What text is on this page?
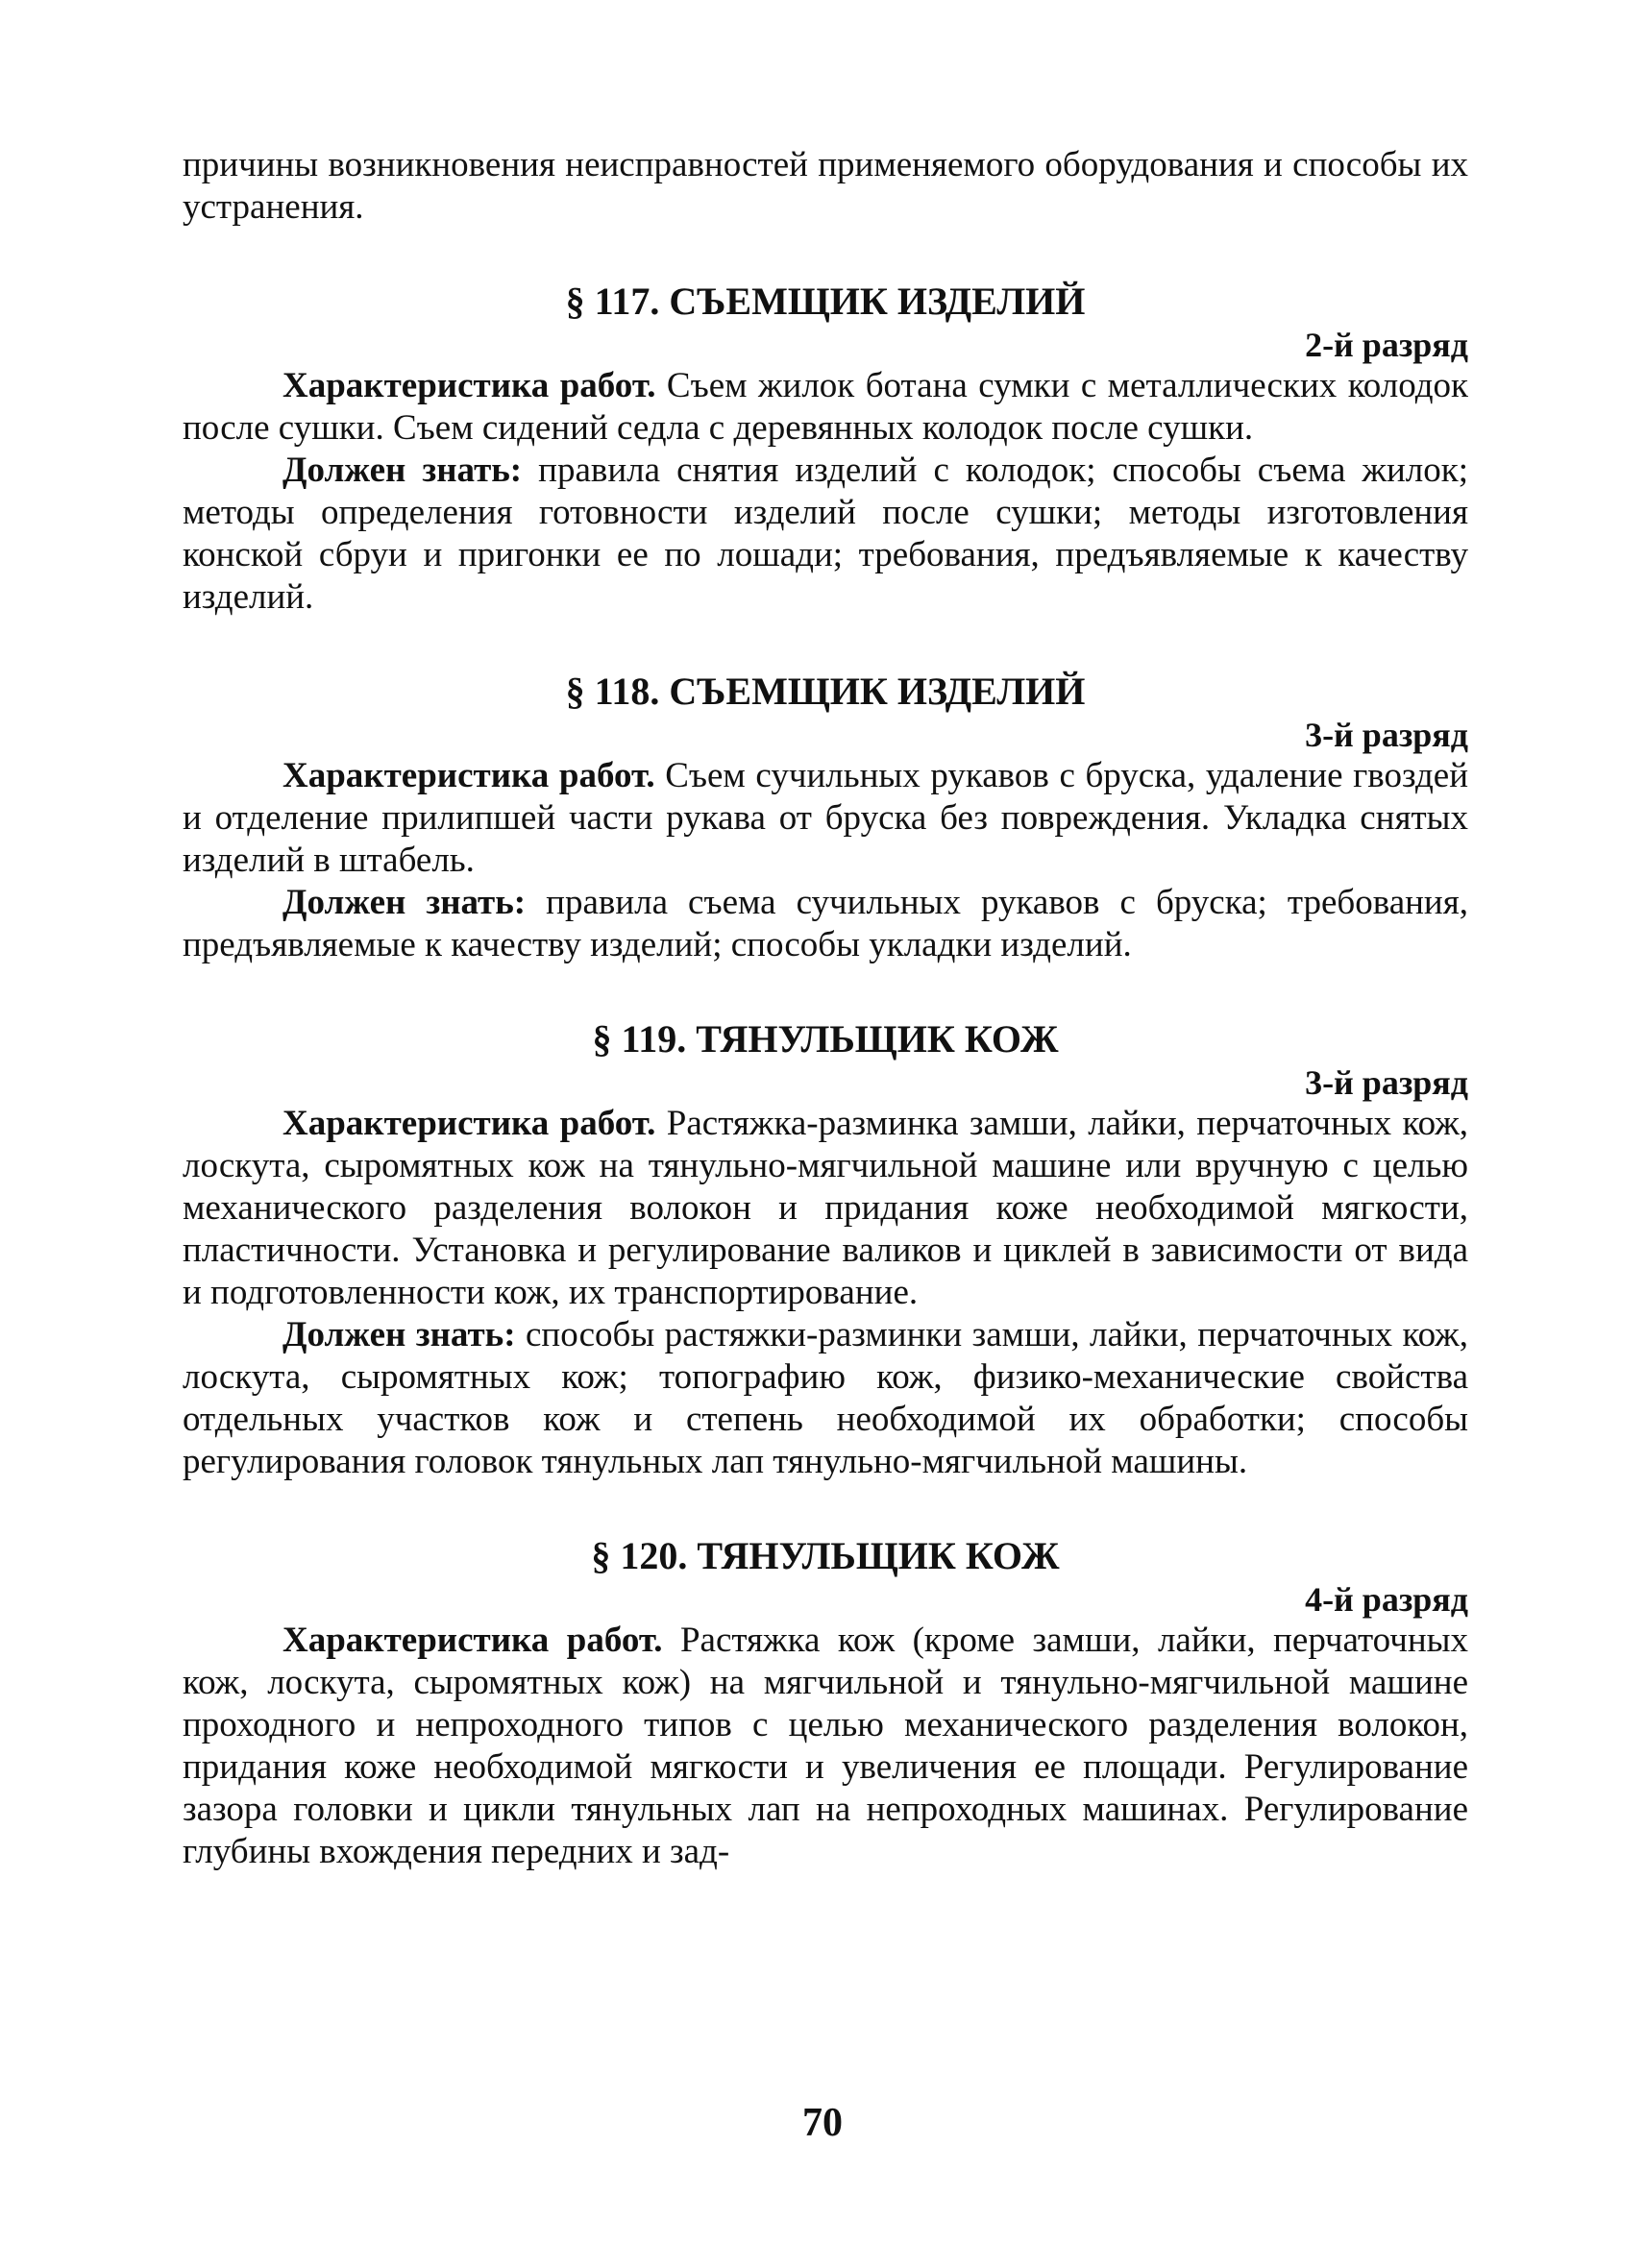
причины возникновения неисправностей применяемого оборудования и способы их устранения.

§ 117. СЪЕМЩИК ИЗДЕЛИЙ

2-й разряд

Характеристика работ. Съем жилок ботана сумки с металлических колодок после сушки. Съем сидений седла с деревянных колодок после сушки.

Должен знать: правила снятия изделий с колодок; способы съема жилок; методы определения готовности изделий после сушки; методы изготовления конской сбруи и пригонки ее по лошади; требования, предъявляемые к качеству изделий.

§ 118. СЪЕМЩИК ИЗДЕЛИЙ

3-й разряд

Характеристика работ. Съем сучильных рукавов с бруска, удаление гвоздей и отделение прилипшей части рукава от бруска без повреждения. Укладка снятых изделий в штабель.

Должен знать: правила съема сучильных рукавов с бруска; требования, предъявляемые к качеству изделий; способы укладки изделий.

§ 119. ТЯНУЛЬЩИК КОЖ

3-й разряд

Характеристика работ. Растяжка-разминка замши, лайки, перчаточных кож, лоскута, сыромятных кож на тянульно-мягчильной машине или вручную с целью механического разделения волокон и придания коже необходимой мягкости, пластичности. Установка и регулирование валиков и циклей в зависимости от вида и подготовленности кож, их транспортирование.

Должен знать: способы растяжки-разминки замши, лайки, перчаточных кож, лоскута, сыромятных кож; топографию кож, физико-механические свойства отдельных участков кож и степень необходимой их обработки; способы регулирования головок тянульных лап тянульно-мягчильной машины.

§ 120. ТЯНУЛЬЩИК КОЖ

4-й разряд

Характеристика работ. Растяжка кож (кроме замши, лайки, перчаточных кож, лоскута, сыромятных кож) на мягчильной и тянульно-мягчильной машине проходного и непроходного типов с целью механического разделения волокон, придания коже необходимой мягкости и увеличения ее площади. Регулирование зазора головки и цикли тянульных лап на непроходных машинах. Регулирование глубины вхождения передних и зад-

70
